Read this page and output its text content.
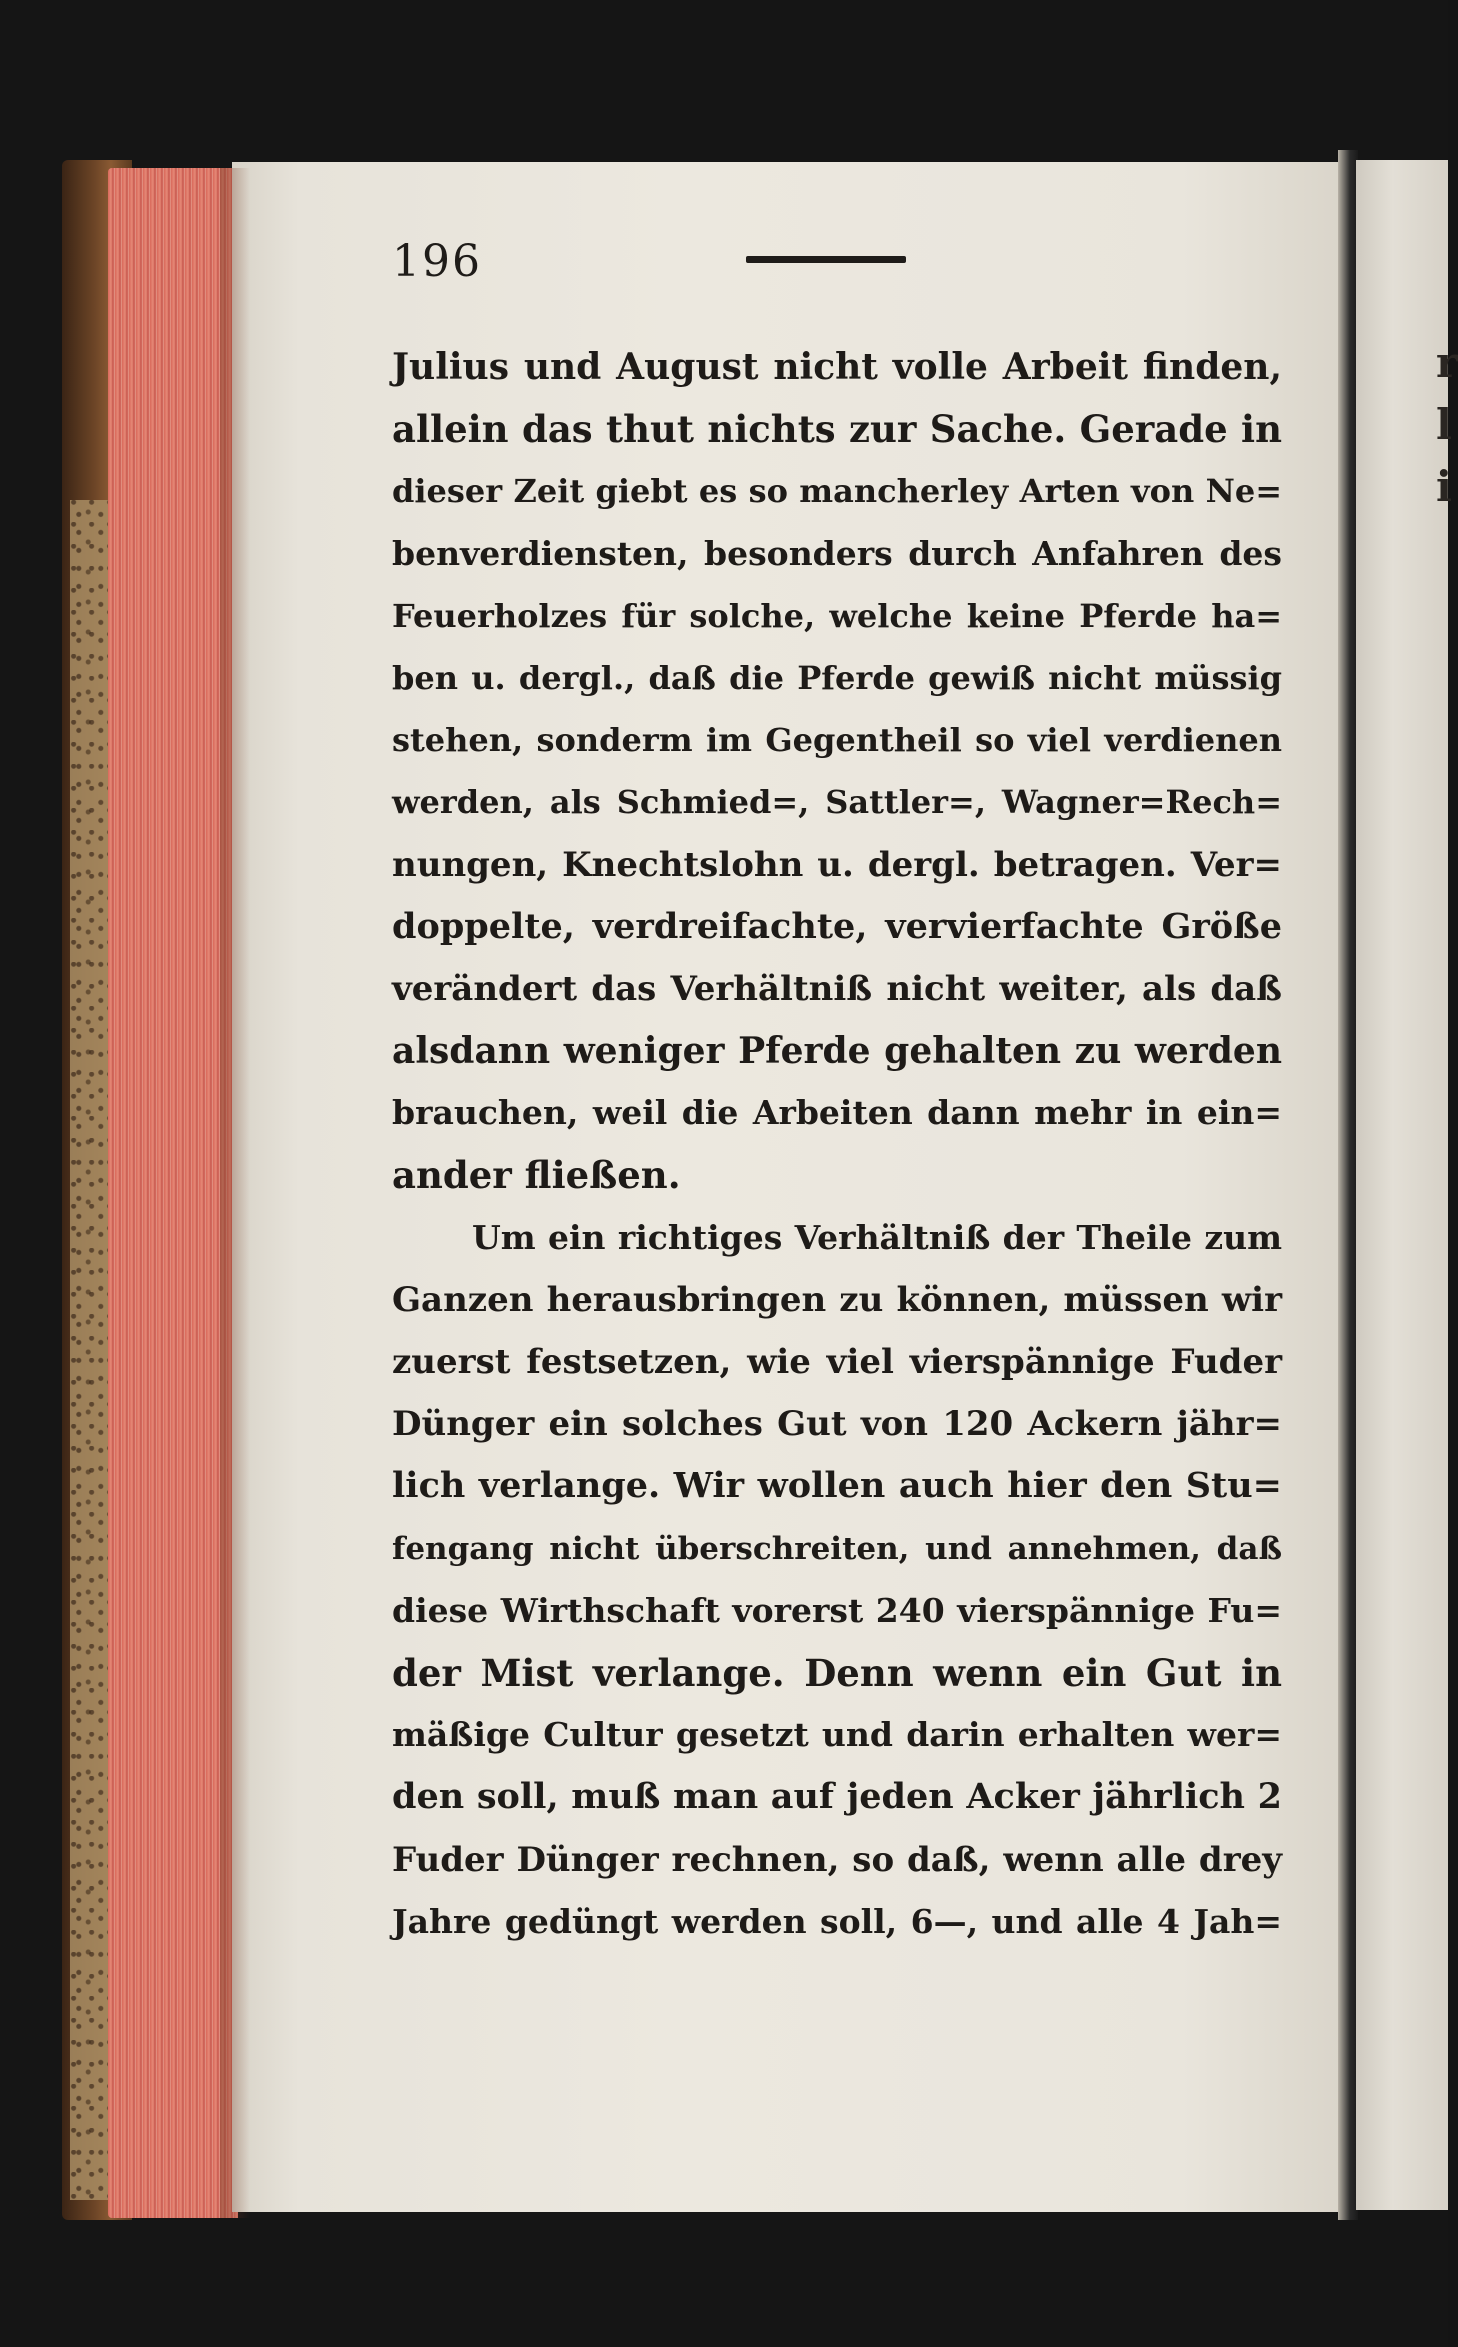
r
l
i
196
Julius und August nicht volle Arbeit finden,
allein das thut nichts zur Sache. Gerade in
dieser Zeit giebt es so mancherley Arten von Ne=
benverdiensten, besonders durch Anfahren des
Feuerholzes für solche, welche keine Pferde ha=
ben u. dergl., daß die Pferde gewiß nicht müssig
stehen, sonderm im Gegentheil so viel verdienen
werden, als Schmied=, Sattler=, Wagner=Rech=
nungen, Knechtslohn u. dergl. betragen. Ver=
doppelte, verdreifachte, vervierfachte Größe
verändert das Verhältniß nicht weiter, als daß
alsdann weniger Pferde gehalten zu werden
brauchen, weil die Arbeiten dann mehr in ein=
ander fließen.
Um ein richtiges Verhältniß der Theile zum
Ganzen herausbringen zu können, müssen wir
zuerst festsetzen, wie viel vierspännige Fuder
Dünger ein solches Gut von 120 Ackern jähr=
lich verlange. Wir wollen auch hier den Stu=
fengang nicht überschreiten, und annehmen, daß
diese Wirthschaft vorerst 240 vierspännige Fu=
der Mist verlange. Denn wenn ein Gut in
mäßige Cultur gesetzt und darin erhalten wer=
den soll, muß man auf jeden Acker jährlich 2
Fuder Dünger rechnen, so daß, wenn alle drey
Jahre gedüngt werden soll, 6—, und alle 4 Jah=
